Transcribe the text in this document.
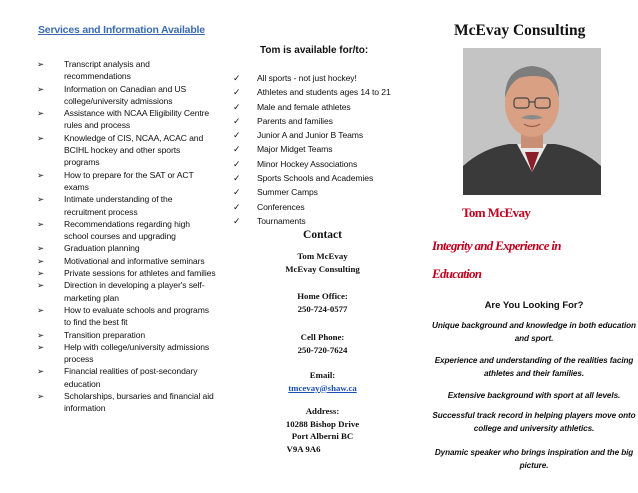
Services and Information Available
➢ Transcript analysis and recommendations
➢ Information on Canadian and US college/university admissions
➢ Assistance with NCAA Eligibility Centre rules and process
➢ Knowledge of CIS, NCAA, ACAC and BCIHL hockey and other sports programs
➢ How to prepare for the SAT or ACT exams
➢ Intimate understanding of the recruitment process
➢ Recommendations regarding high school courses and upgrading
➢ Graduation planning
➢ Motivational and informative seminars
➢ Private sessions for athletes and families
➢ Direction in developing a player's self-marketing plan
➢ How to evaluate schools and programs to find the best fit
➢ Transition preparation
➢ Help with college/university admissions process
➢ Financial realities of post-secondary education
➢ Scholarships, bursaries and financial aid information
Tom is available for/to:
✓ All sports - not just hockey!
✓ Athletes and students ages 14 to 21
✓ Male and female athletes
✓ Parents and families
✓ Junior A and Junior B Teams
✓ Major Midget Teams
✓ Minor Hockey Associations
✓ Sports Schools and Academies
✓ Summer Camps
✓ Conferences
✓ Tournaments
Contact
Tom McEvay
McEvay Consulting
Home Office:
250-724-0577
Cell Phone:
250-720-7624
Email:
tmcevay@shaw.ca
Address:
10288 Bishop Drive
Port Alberni BC
V9A 9A6
McEvay Consulting
Tom McEvay
Integrity and Experience in
Education
Are You Looking For?
Unique background and knowledge in both education and sport.
Experience and understanding of the realities facing athletes and their families.
Extensive background with sport at all levels.
Successful track record in helping players move onto college and university athletics.
Dynamic speaker who brings inspiration and the big picture.
